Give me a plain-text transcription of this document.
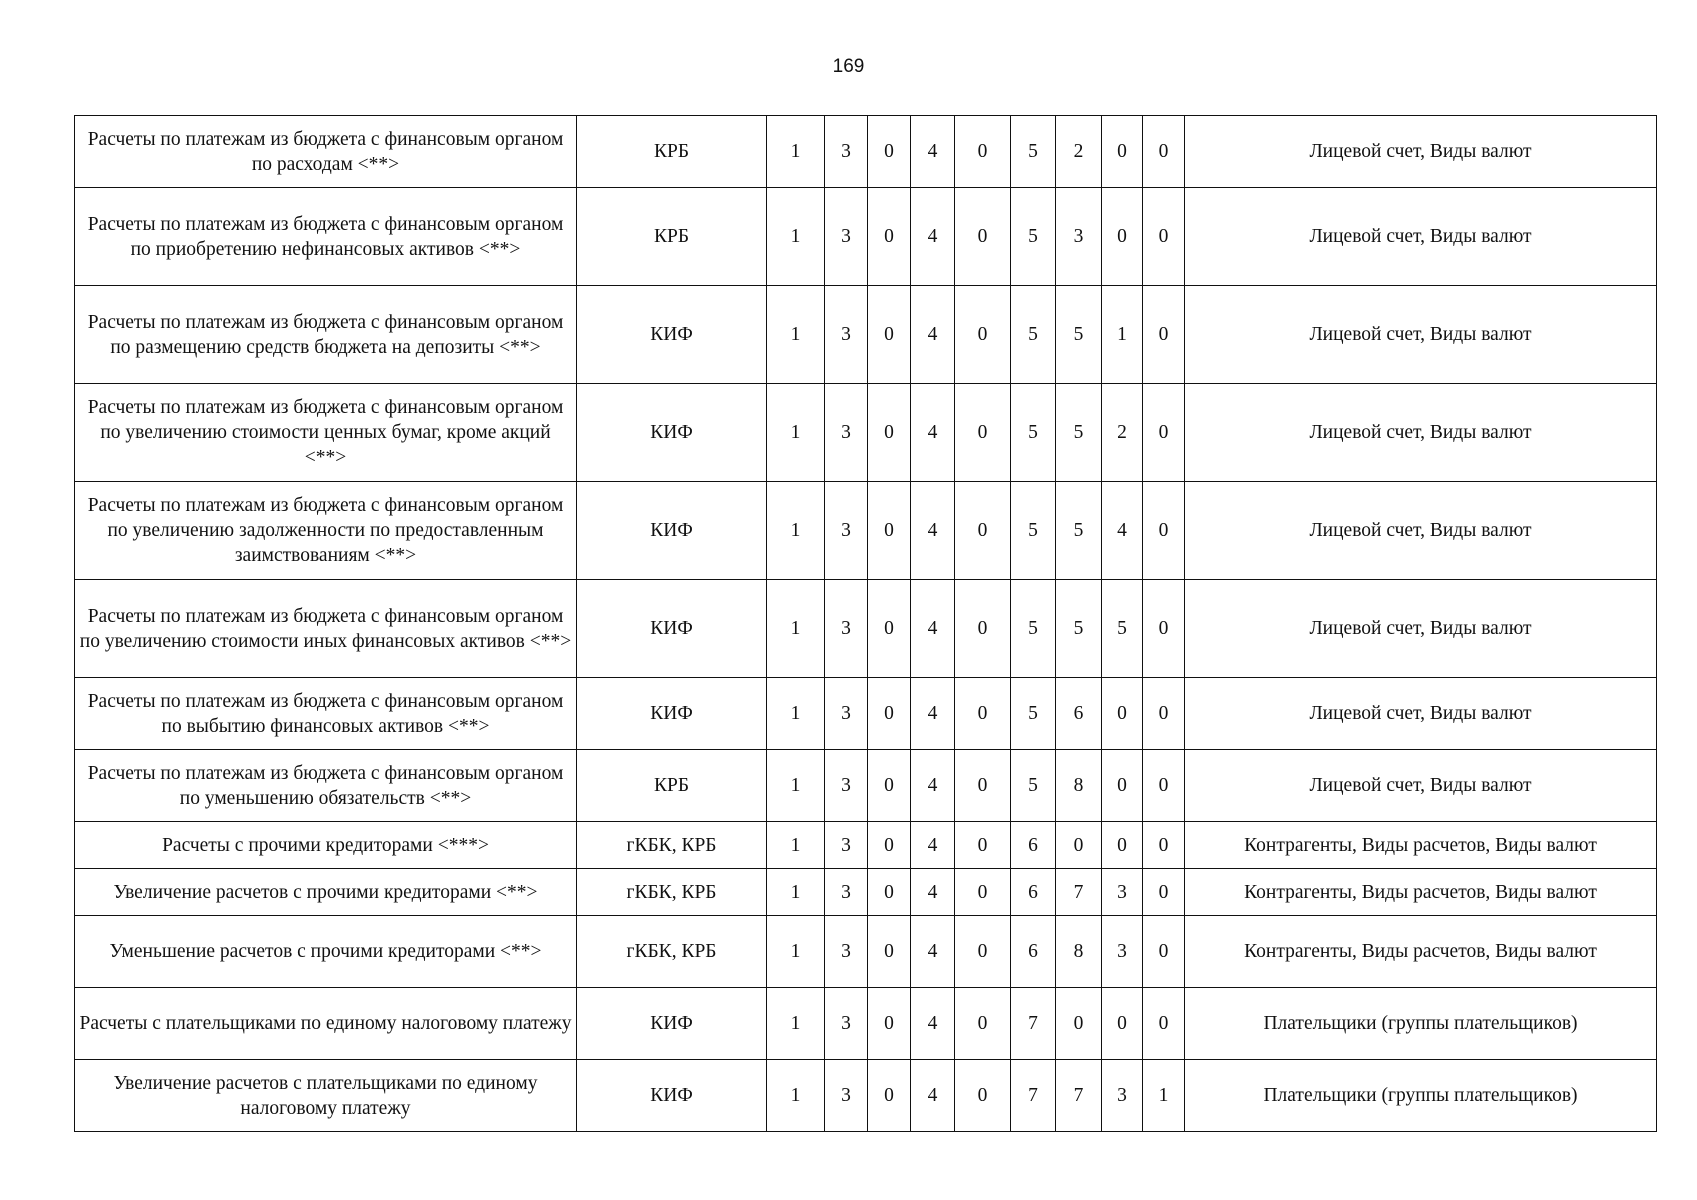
169
Расчеты по платежам из бюджета с финансовым органом по расходам <**>	КРБ	1	3	0	4	0	5	2	0	0	Лицевой счет, Виды валют
Расчеты по платежам из бюджета с финансовым органом по приобретению нефинансовых активов <**>	КРБ	1	3	0	4	0	5	3	0	0	Лицевой счет, Виды валют
Расчеты по платежам из бюджета с финансовым органом по размещению средств бюджета на депозиты <**>	КИФ	1	3	0	4	0	5	5	1	0	Лицевой счет, Виды валют
Расчеты по платежам из бюджета с финансовым органом по увеличению стоимости ценных бумаг, кроме акций <**>	КИФ	1	3	0	4	0	5	5	2	0	Лицевой счет, Виды валют
Расчеты по платежам из бюджета с финансовым органом по увеличению задолженности по предоставленным заимствованиям <**>	КИФ	1	3	0	4	0	5	5	4	0	Лицевой счет, Виды валют
Расчеты по платежам из бюджета с финансовым органом по увеличению стоимости иных финансовых активов <**>	КИФ	1	3	0	4	0	5	5	5	0	Лицевой счет, Виды валют
Расчеты по платежам из бюджета с финансовым органом по выбытию финансовых активов <**>	КИФ	1	3	0	4	0	5	6	0	0	Лицевой счет, Виды валют
Расчеты по платежам из бюджета с финансовым органом по уменьшению обязательств <**>	КРБ	1	3	0	4	0	5	8	0	0	Лицевой счет, Виды валют
Расчеты с прочими кредиторами <***>	гКБК, КРБ	1	3	0	4	0	6	0	0	0	Контрагенты, Виды расчетов, Виды валют
Увеличение расчетов с прочими кредиторами <**>	гКБК, КРБ	1	3	0	4	0	6	7	3	0	Контрагенты, Виды расчетов, Виды валют
Уменьшение расчетов с прочими кредиторами <**>	гКБК, КРБ	1	3	0	4	0	6	8	3	0	Контрагенты, Виды расчетов, Виды валют
Расчеты с плательщиками по единому налоговому платежу	КИФ	1	3	0	4	0	7	0	0	0	Плательщики (группы плательщиков)
Увеличение расчетов с плательщиками по единому налоговому платежу	КИФ	1	3	0	4	0	7	7	3	1	Плательщики (группы плательщиков)
